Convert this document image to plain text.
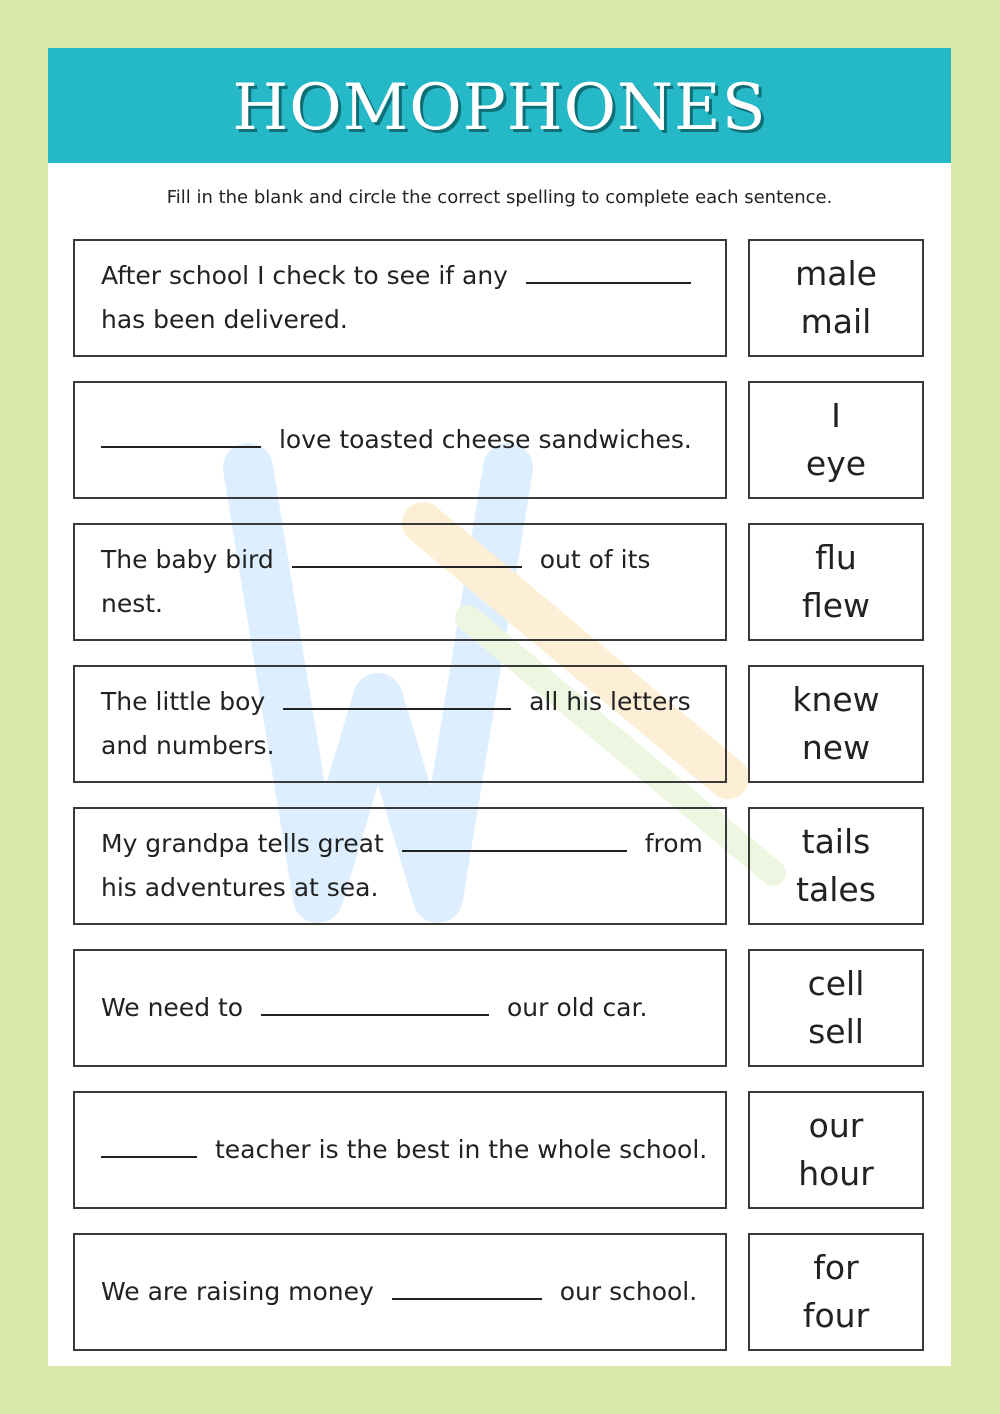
HOMOPHONES
Fill in the blank and circle the correct spelling to complete each sentence.
After school I check to see if any  has been delivered.
male
mail
love toasted cheese sandwiches.
I
eye
The baby bird	out of its nest.
flu
flew
The little boy	all his letters and numbers.
knew
new
My grandpa tells great	from his adventures at sea.
tails
tales
We need to	our old car.
cell
sell
teacher is the best in the whole school.
our
hour
We are raising money	our school.
for
four
